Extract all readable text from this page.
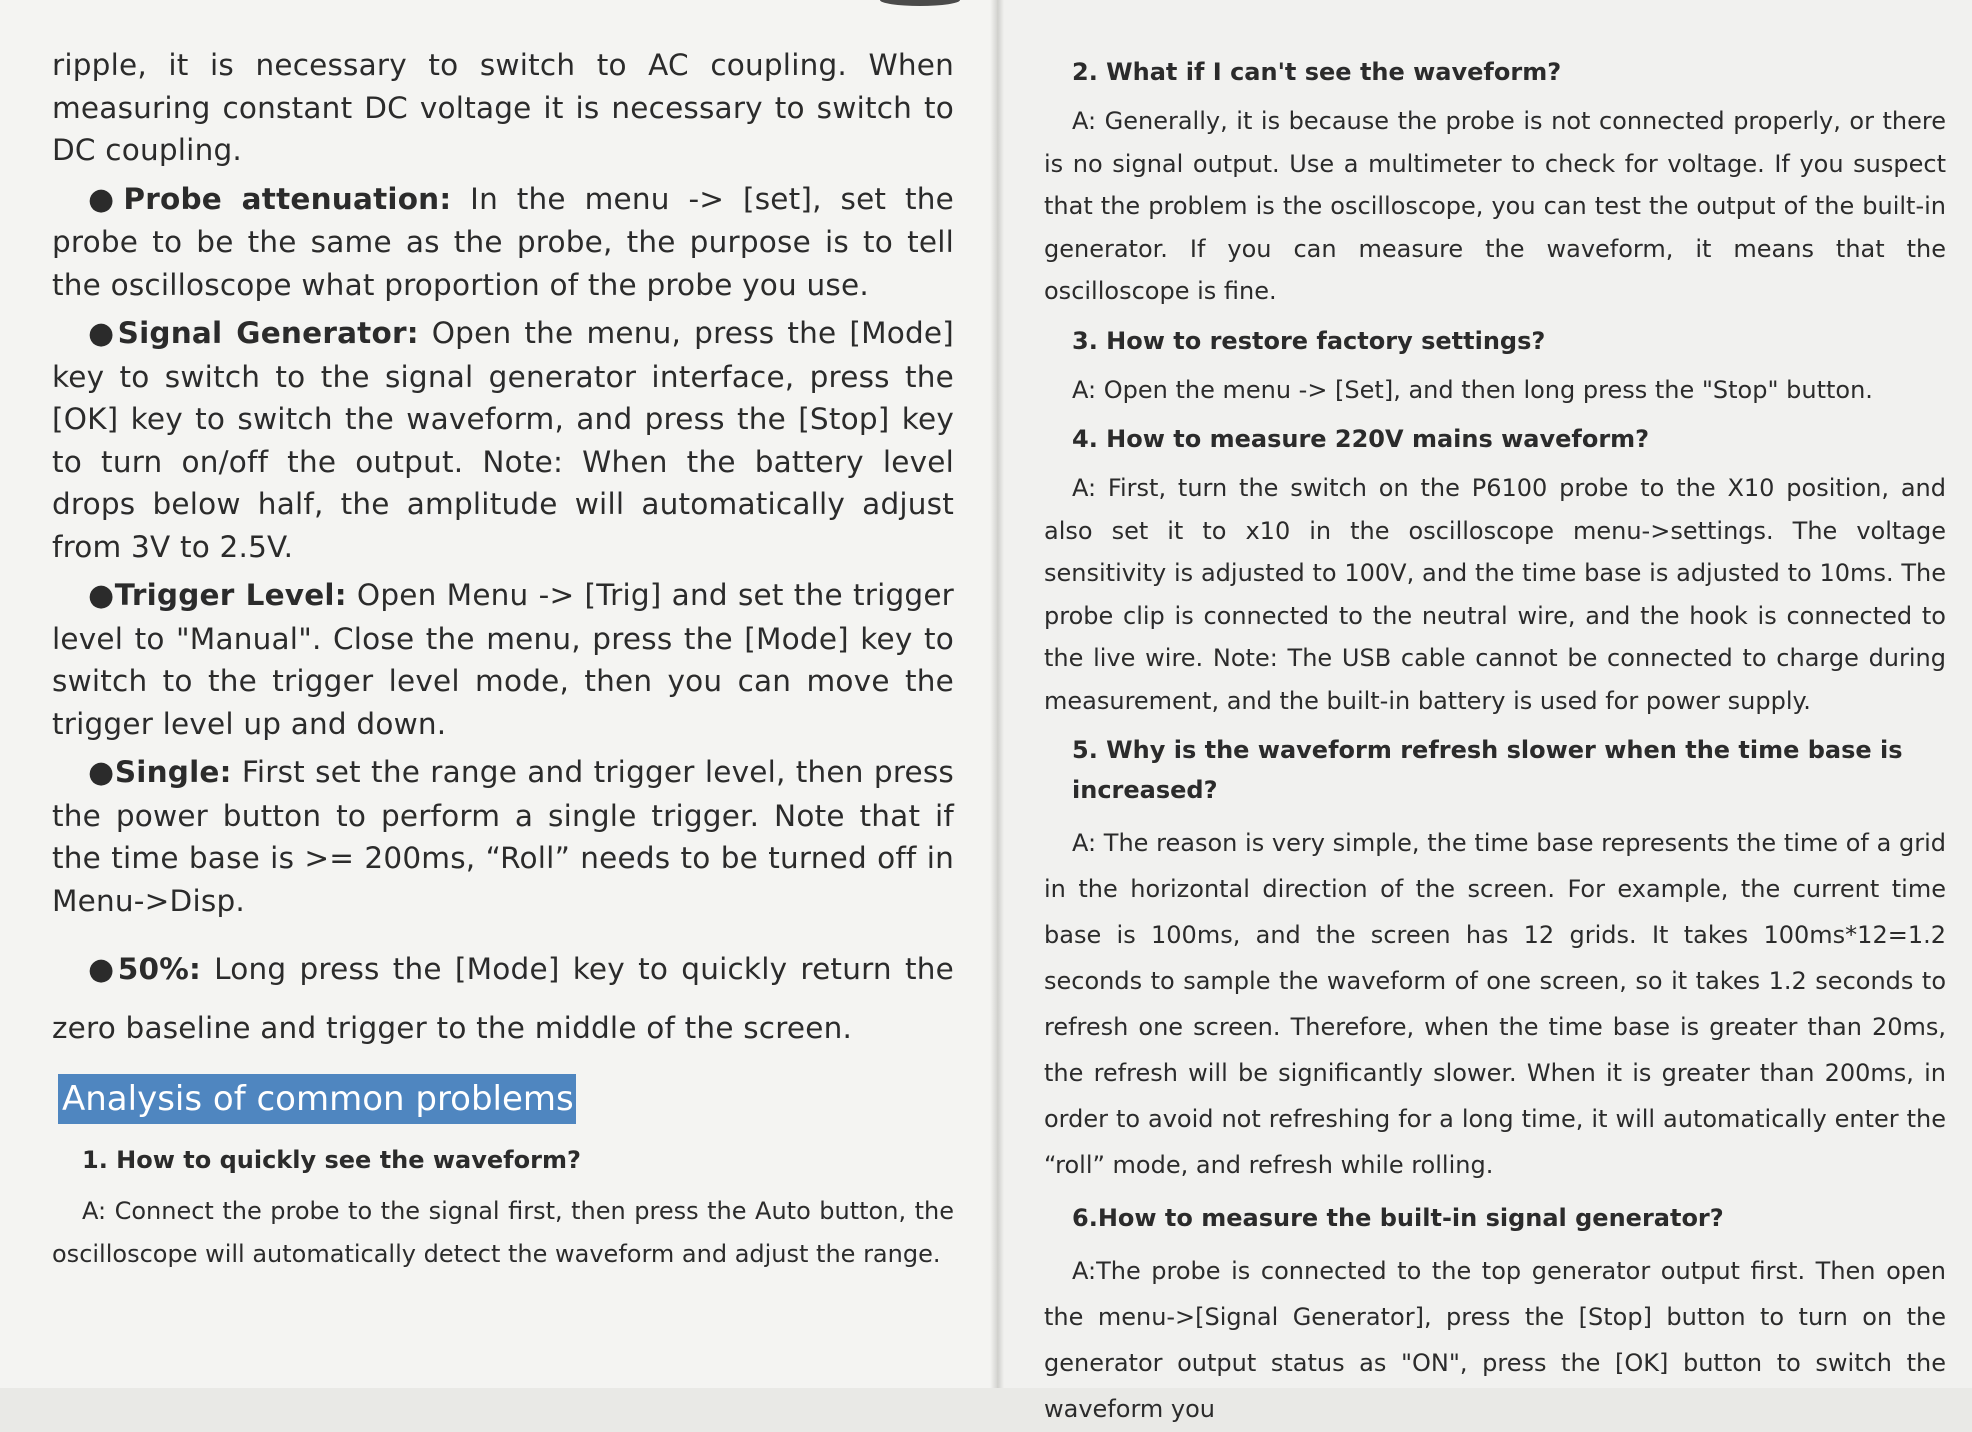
ripple, it is necessary to switch to AC coupling. When measuring constant DC voltage it is necessary to switch to DC coupling.

●Probe attenuation: In the menu -> [set], set the probe to be the same as the probe, the purpose is to tell the oscilloscope what proportion of the probe you use.

●Signal Generator: Open the menu, press the [Mode] key to switch to the signal generator interface, press the [OK] key to switch the waveform, and press the [Stop] key to turn on/off the output. Note: When the battery level drops below half, the amplitude will automatically adjust from 3V to 2.5V.

●Trigger Level: Open Menu -> [Trig] and set the trigger level to "Manual". Close the menu, press the [Mode] key to switch to the trigger level mode, then you can move the trigger level up and down.

●Single: First set the range and trigger level, then press the power button to perform a single trigger. Note that if the time base is >= 200ms, “Roll” needs to be turned off in Menu->Disp.

●50%: Long press the [Mode] key to quickly return the zero baseline and trigger to the middle of the screen.

Analysis of common problems

1. How to quickly see the waveform?

A: Connect the probe to the signal first, then press the Auto button, the oscilloscope will automatically detect the waveform and adjust the range.

2. What if I can't see the waveform?

A: Generally, it is because the probe is not connected properly, or there is no signal output. Use a multimeter to check for voltage. If you suspect that the problem is the oscilloscope, you can test the output of the built-in generator. If you can measure the waveform, it means that the oscilloscope is fine.

3. How to restore factory settings?

A: Open the menu -> [Set], and then long press the "Stop" button.

4. How to measure 220V mains waveform?

A: First, turn the switch on the P6100 probe to the X10 position, and also set it to x10 in the oscilloscope menu->settings. The voltage sensitivity is adjusted to 100V, and the time base is adjusted to 10ms. The probe clip is connected to the neutral wire, and the hook is connected to the live wire. Note: The USB cable cannot be connected to charge during measurement, and the built-in battery is used for power supply.

5. Why is the waveform refresh slower when the time base is increased?

A: The reason is very simple, the time base represents the time of a grid in the horizontal direction of the screen. For example, the current time base is 100ms, and the screen has 12 grids. It takes 100ms*12=1.2 seconds to sample the waveform of one screen, so it takes 1.2 seconds to refresh one screen. Therefore, when the time base is greater than 20ms, the refresh will be significantly slower. When it is greater than 200ms, in order to avoid not refreshing for a long time, it will automatically enter the “roll” mode, and refresh while rolling.

6.How to measure the built-in signal generator?

A:The probe is connected to the top generator output first. Then open the menu->[Signal Generator], press the [Stop] button to turn on the generator output status as "ON", press the [OK] button to switch the waveform you
